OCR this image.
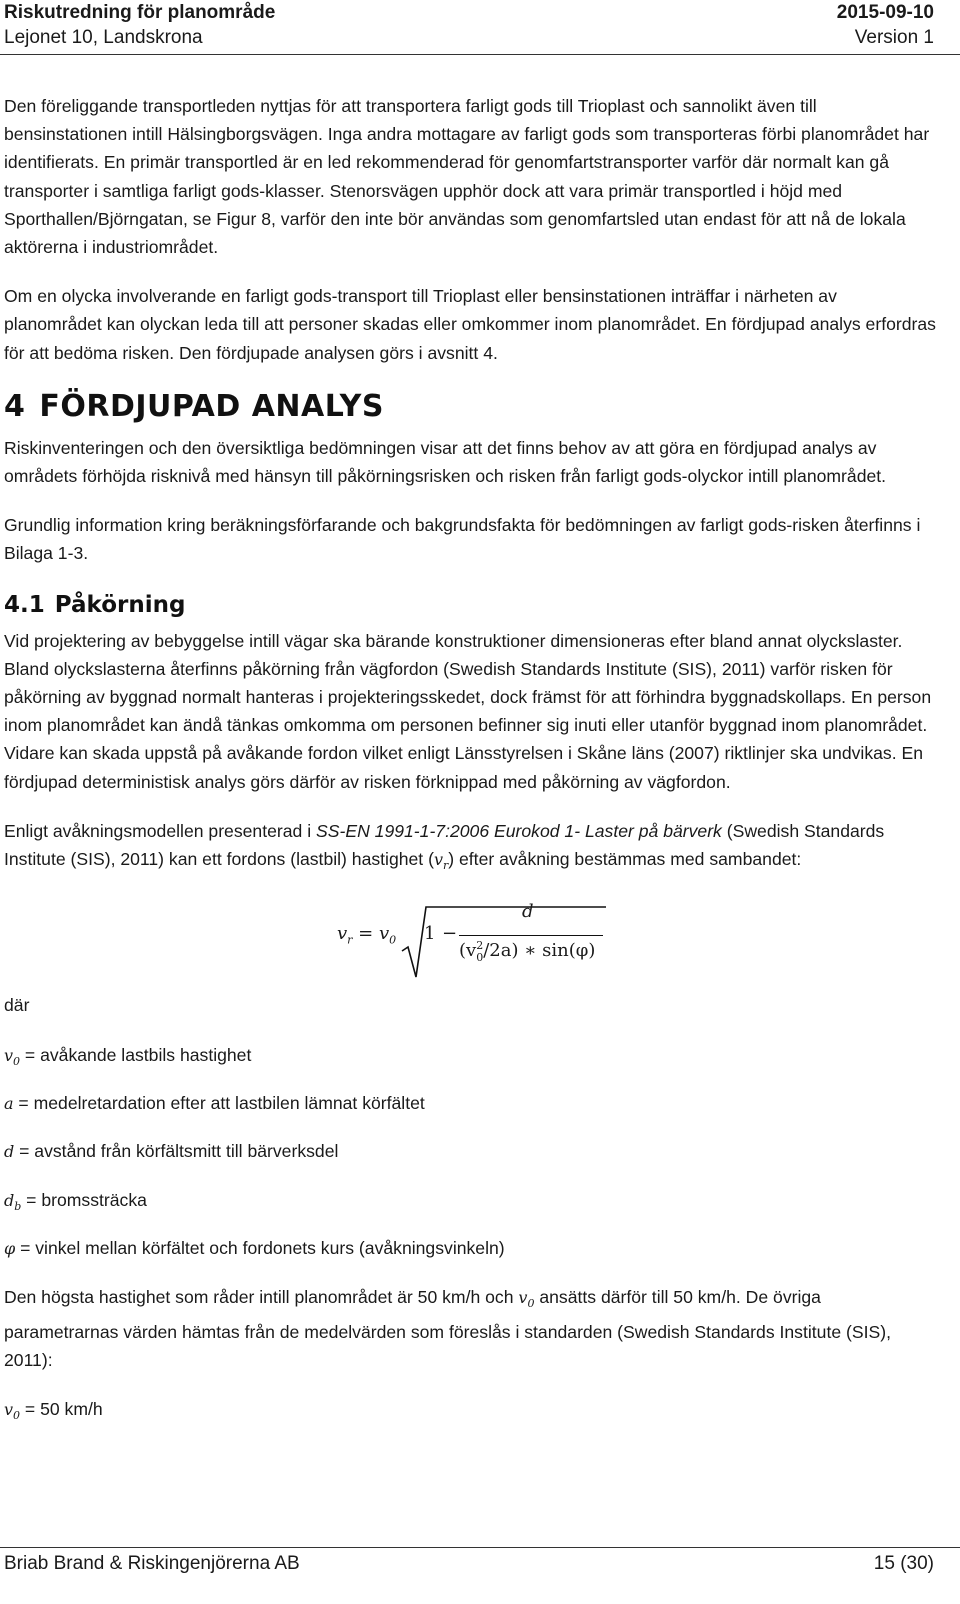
Riskutredning för planområde	2015-09-10
Lejonet 10, Landskrona	Version 1

Den föreliggande transportleden nyttjas för att transportera farligt gods till Trioplast och sannolikt även till bensinstationen intill Hälsingborgsvägen. Inga andra mottagare av farligt gods som transporteras förbi planområdet har identifierats. En primär transportled är en led rekommenderad för genomfartstransporter varför där normalt kan gå transporter i samtliga farligt gods-klasser. Stenorsvägen upphör dock att vara primär transportled i höjd med Sporthallen/Björngatan, se Figur 8, varför den inte bör användas som genomfartsled utan endast för att nå de lokala aktörerna i industriområdet.

Om en olycka involverande en farligt gods-transport till Trioplast eller bensinstationen inträffar i närheten av planområdet kan olyckan leda till att personer skadas eller omkommer inom planområdet. En fördjupad analys erfordras för att bedöma risken. Den fördjupade analysen görs i avsnitt 4.

4 FÖRDJUPAD ANALYS

Riskinventeringen och den översiktliga bedömningen visar att det finns behov av att göra en fördjupad analys av områdets förhöjda risknivå med hänsyn till påkörningsrisken och risken från farligt gods-olyckor intill planområdet.

Grundlig information kring beräkningsförfarande och bakgrundsfakta för bedömningen av farligt gods-risken återfinns i Bilaga 1-3.

4.1 Påkörning

Vid projektering av bebyggelse intill vägar ska bärande konstruktioner dimensioneras efter bland annat olyckslaster. Bland olyckslasterna återfinns påkörning från vägfordon (Swedish Standards Institute (SIS), 2011) varför risken för påkörning av byggnad normalt hanteras i projekteringsskedet, dock främst för att förhindra byggnadskollaps. En person inom planområdet kan ändå tänkas omkomma om personen befinner sig inuti eller utanför byggnad inom planområdet. Vidare kan skada uppstå på avåkande fordon vilket enligt Länsstyrelsen i Skåne läns (2007) riktlinjer ska undvikas. En fördjupad deterministisk analys görs därför av risken förknippad med påkörning av vägfordon.

Enligt avåkningsmodellen presenterad i SS-EN 1991-1-7:2006 Eurokod 1- Laster på bärverk (Swedish Standards Institute (SIS), 2011) kan ett fordons (lastbil) hastighet $(v_r)$ efter avåkning bestämmas med sambandet:

$v_r = v_0$ 1 −
d
$(v^2_0/2a)$ ∗ sin(φ)

där

$v_0$ = avåkande lastbils hastighet

a = medelretardation efter att lastbilen lämnat körfältet

d = avstånd från körfältsmitt till bärverksdel

$d_b$ = bromssträcka

φ = vinkel mellan körfältet och fordonets kurs (avåkningsvinkeln)

Den högsta hastighet som råder intill planområdet är 50 km/h och $v_0$ ansätts därför till 50 km/h. De övriga parametrarnas värden hämtas från de medelvärden som föreslås i standarden (Swedish Standards Institute (SIS), 2011):

$v_0 = 50$ km/h

Briab Brand & Riskingenjörerna AB	15 (30)
